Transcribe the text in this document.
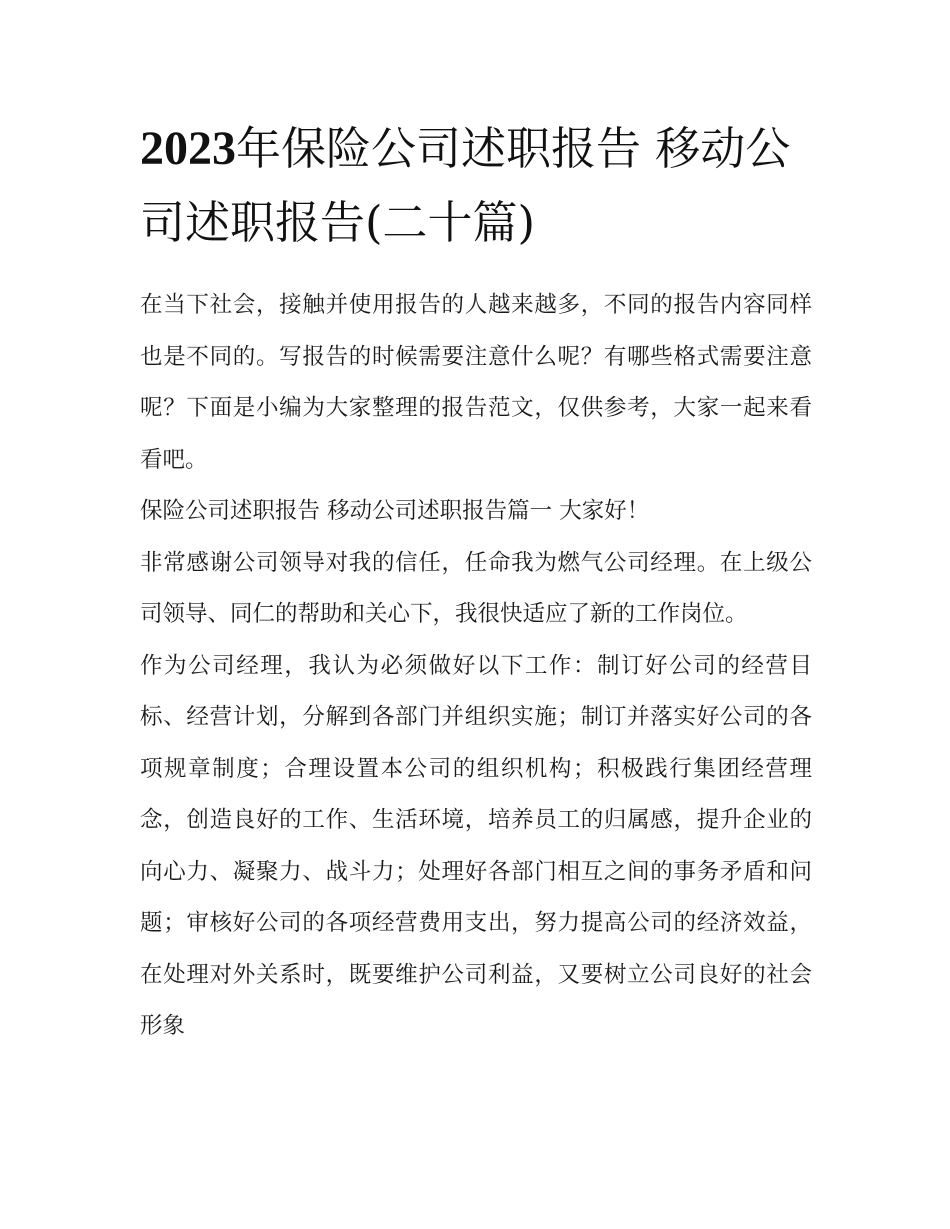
2023年保险公司述职报告 移动公司述职报告(二十篇)

在当下社会，接触并使用报告的人越来越多，不同的报告内容同样也是不同的。写报告的时候需要注意什么呢？有哪些格式需要注意呢？下面是小编为大家整理的报告范文，仅供参考，大家一起来看看吧。

保险公司述职报告 移动公司述职报告篇一 大家好！

非常感谢公司领导对我的信任，任命我为燃气公司经理。在上级公司领导、同仁的帮助和关心下，我很快适应了新的工作岗位。

作为公司经理，我认为必须做好以下工作：制订好公司的经营目标、经营计划，分解到各部门并组织实施；制订并落实好公司的各项规章制度；合理设置本公司的组织机构；积极践行集团经营理念，创造良好的工作、生活环境，培养员工的归属感，提升企业的向心力、凝聚力、战斗力；处理好各部门相互之间的事务矛盾和问题；审核好公司的各项经营费用支出，努力提高公司的经济效益，在处理对外关系时，既要维护公司利益，又要树立公司良好的社会形象
